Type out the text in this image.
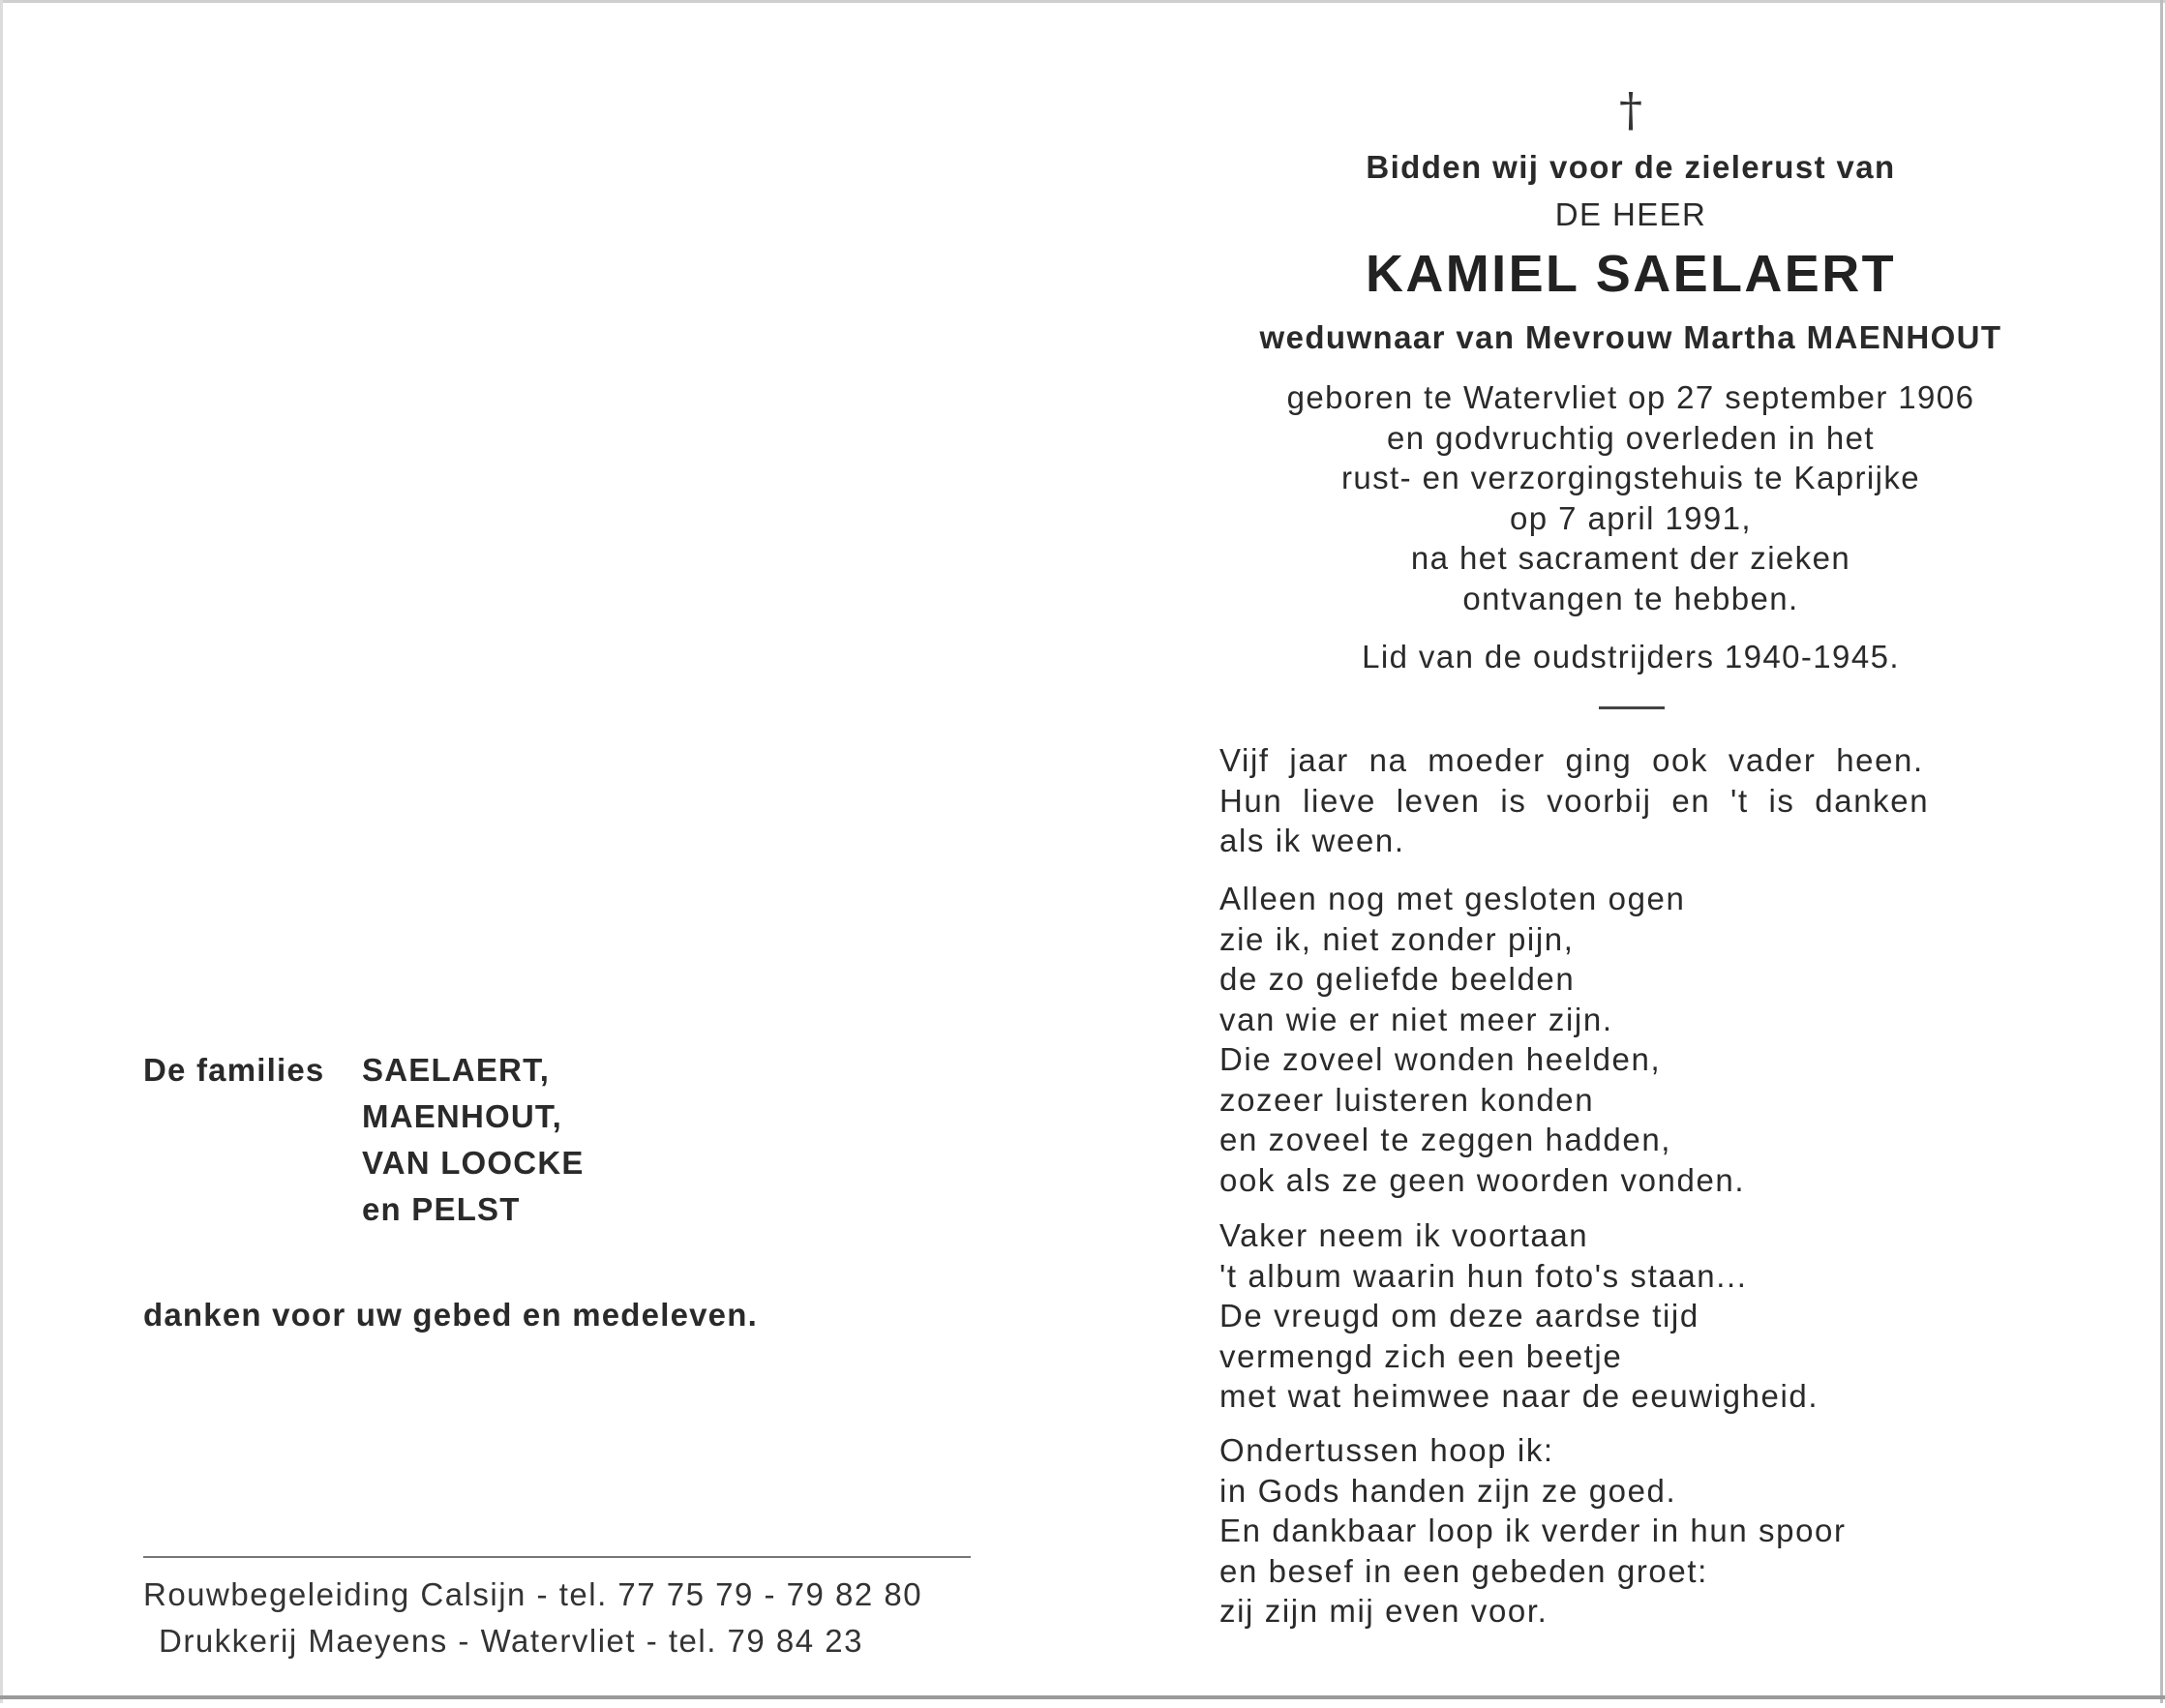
De families	SAELAERT,
MAENHOUT,
VAN LOOCKE
en PELST
danken voor uw gebed en medeleven.
Rouwbegeleiding Calsijn - tel. 77 75 79 - 79 82 80
Drukkerij Maeyens - Watervliet - tel. 79 84 23
†
Bidden wij voor de zielerust van
DE HEER
KAMIEL SAELAERT
weduwnaar van Mevrouw Martha MAENHOUT
geboren te Watervliet op 27 september 1906
en godvruchtig overleden in het
rust- en verzorgingstehuis te Kaprijke
op 7 april 1991,
na het sacrament der zieken
ontvangen te hebben.
Lid van de oudstrijders 1940-1945.
Vijf jaar na moeder ging ook vader heen.
Hun lieve leven is voorbij en 't is danken
als ik ween.
Alleen nog met gesloten ogen
zie ik, niet zonder pijn,
de zo geliefde beelden
van wie er niet meer zijn.
Die zoveel wonden heelden,
zozeer luisteren konden
en zoveel te zeggen hadden,
ook als ze geen woorden vonden.
Vaker neem ik voortaan
't album waarin hun foto's staan...
De vreugd om deze aardse tijd
vermengd zich een beetje
met wat heimwee naar de eeuwigheid.
Ondertussen hoop ik:
in Gods handen zijn ze goed.
En dankbaar loop ik verder in hun spoor
en besef in een gebeden groet:
zij zijn mij even voor.
